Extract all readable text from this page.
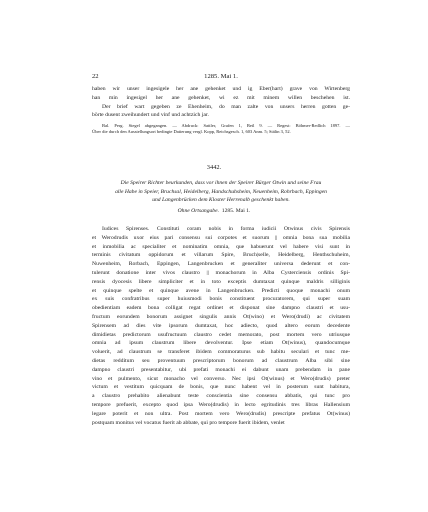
22	1285. Mai 1.
haben wir unser ingesigele her ane gehenket und ig Eber(hart) grave von Wirtenberg
han min ingesigel her ane gehenket, wi ez mit minem willen beschehen ist.
Der brief wart gegeben ze Ehenheim, do man zalte von unsers herren gotten ge-
börte dusent zweihundert und vinf und achtzich jar.
Bal. Perg. Siegel abgegangen. — Abdruck: Sattler, Grafen 1, Beil 9. — Regest: Böhmer-Redlich 1897. —
Über die durch den Ausstellungsort bedingte Datierung vergl. Kopp, Reichsgesch. 1, 603 Anm. 5; Stälin 3, 52.
3442.
Die Speirer Richter beurkunden, dass vor ihnen der Speirer Bürger Otwin und seine Frau
alle Habe in Speier, Bruchsal, Heidelberg, Handschuhsheim, Neuenheim, Rohrbach, Eppingen
und Langenbrücken dem Kloster Herrenalb geschenkt haben.
Ohne Ortsangabe. 1285. Mai 1.
Iudices Spirenses. Constituti coram nobis in forma iudicii Otwinus civis Spirensis
et Werodrudis uxor eius pari consensu sui corpotes et suorum || omnia bona sua mobilia
et inmobilia ac specialiter et nominatim omnia, que habuerunt vel habere visi sunt in
terminis civitatum oppidorum et villarum Spire, Bruch|selle, Heidelberg, Henthschuheim,
Nuwenheim, Rorbach, Eppingen, Langenbrucken et generaliter universa dederunt et con-
tulerunt donatione inter vivos claustro || monachorum in Alba Cysterciensis ordinis Spi-
rensis dyocesis libere simpliciter et in toto exceptis dumtaxat quinque maldris silliginis
et quinque spelte et quinque avene in Langenbrucken. Predicti quoque monachi onum
ex suis confratribus super huiusmodi bonis constituent procuratorem, qui super suam
obedientiam eadem bona colligat regat ordinet et disponat sine dampno claustri et usu-
fructum eorundem bonorum assignet singulis annis Ot(wino) et Wero(drudi) ac civitatem
Spirensem ad dies vite ipsorum dumtaxat, hoc adiecto, quod altero eorum decedente
dimidietas predictorum usufructuum claustro cedet memorato, post mortem vero utriusque
omnia ad ipsum claustrum libere devolventur. Ipse etiam Ot(winus), quandocumque
voluerit, ad claustrum se transferet ibidem commoraturus sub habitu seculari et tunc me-
dietas redditum seu proventuum prescriptorum bonorum ad claustrum Alba sibi sine
dampno claustri presentabitur, ubi prefati monachi ei dabunt unam prebendam in pane
vino et pulmento, sicut monacho vel converso. Nec ipsi Ot(winus) et Wero(drudis) preter
victum et vestitum quicquam de bonis, que nunc habent vel in posterum sunt habitura,
a claustro prehabito alienabunt teste conscientia sine consensu abbatis, qui tunc pro
tempore prefuerit, excepto quod ipsa Wero(drudis) in lecto egritudinis tres libras Hallensium
legare poterit et non ultra. Post mortem vero Wero(drudis) prescripte prefatus Ot(winus)
postquam monitus vel vocatus fuerit ab abbate, qui pro tempore fuerit ibidem, venlet
